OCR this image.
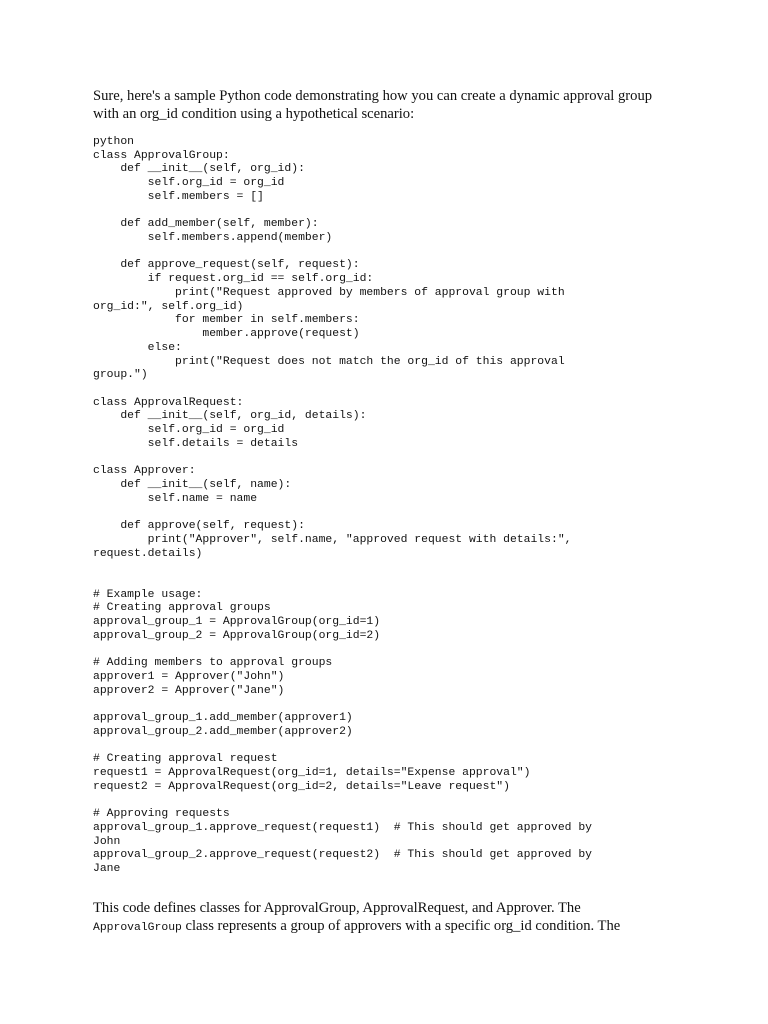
Sure, here's a sample Python code demonstrating how you can create a dynamic approval group with an org_id condition using a hypothetical scenario:

python
class ApprovalGroup:
def __init__(self, org_id):
self.org_id = org_id
self.members = []

def add_member(self, member):
self.members.append(member)

def approve_request(self, request):
if request.org_id == self.org_id:
print("Request approved by members of approval group with
org_id:", self.org_id)
for member in self.members:
member.approve(request)
else:
print("Request does not match the org_id of this approval
group.")

class ApprovalRequest:
def __init__(self, org_id, details):
self.org_id = org_id
self.details = details

class Approver:
def __init__(self, name):
self.name = name

def approve(self, request):
print("Approver", self.name, "approved request with details:",
request.details)

# Example usage:
# Creating approval groups
approval_group_1 = ApprovalGroup(org_id=1)
approval_group_2 = ApprovalGroup(org_id=2)

# Adding members to approval groups
approver1 = Approver("John")
approver2 = Approver("Jane")

approval_group_1.add_member(approver1)
approval_group_2.add_member(approver2)

# Creating approval request
request1 = ApprovalRequest(org_id=1, details="Expense approval")
request2 = ApprovalRequest(org_id=2, details="Leave request")

# Approving requests
approval_group_1.approve_request(request1)  # This should get approved by
John
approval_group_2.approve_request(request2)  # This should get approved by
Jane

This code defines classes for ApprovalGroup, ApprovalRequest, and Approver. The
ApprovalGroup class represents a group of approvers with a specific org_id condition. The
